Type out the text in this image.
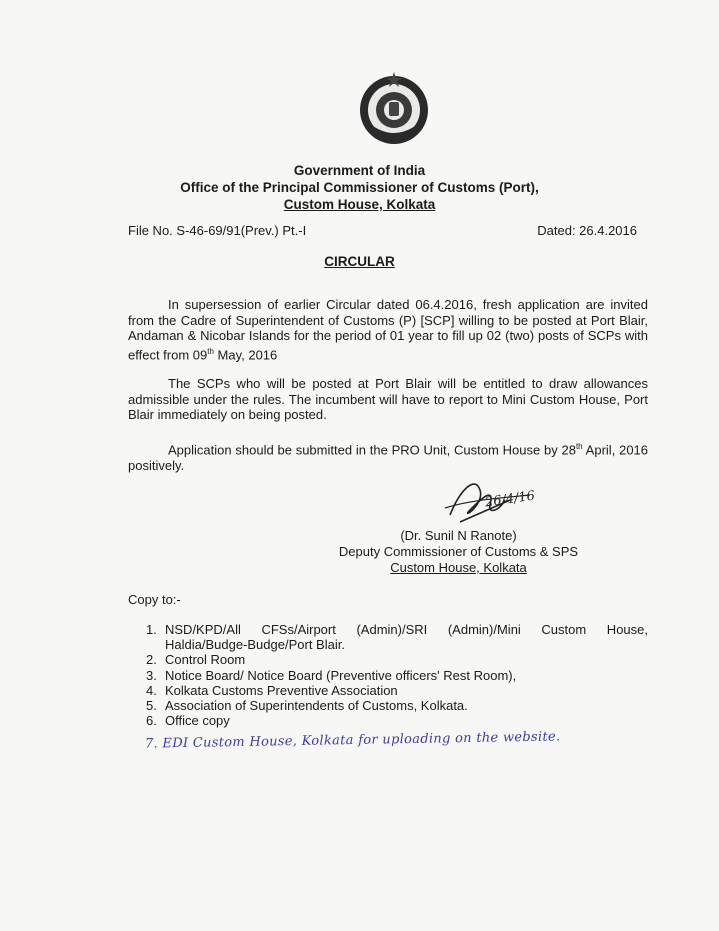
Government of India
Office of the Principal Commissioner of Customs (Port),
Custom House, Kolkata
File No. S-46-69/91(Prev.) Pt.-I	Dated: 26.4.2016
CIRCULAR
In supersession of earlier Circular dated 06.4.2016, fresh application are invited from the Cadre of Superintendent of Customs (P) [SCP] willing to be posted at Port Blair, Andaman & Nicobar Islands for the period of 01 year to fill up 02 (two) posts of SCPs with effect from 09th May, 2016
The SCPs who will be posted at Port Blair will be entitled to draw allowances admissible under the rules. The incumbent will have to report to Mini Custom House, Port Blair immediately on being posted.
Application should be submitted in the PRO Unit, Custom House by 28th April, 2016 positively.
26/4/16
(Dr. Sunil N Ranote)
Deputy Commissioner of Customs & SPS
Custom House, Kolkata
Copy to:-
1. NSD/KPD/All CFSs/Airport (Admin)/SRI (Admin)/Mini Custom House, Haldia/Budge-Budge/Port Blair.
2. Control Room
3. Notice Board/ Notice Board (Preventive officers' Rest Room),
4. Kolkata Customs Preventive Association
5. Association of Superintendents of Customs, Kolkata.
6. Office copy
7. EDI Custom House, Kolkata for uploading on the website.
